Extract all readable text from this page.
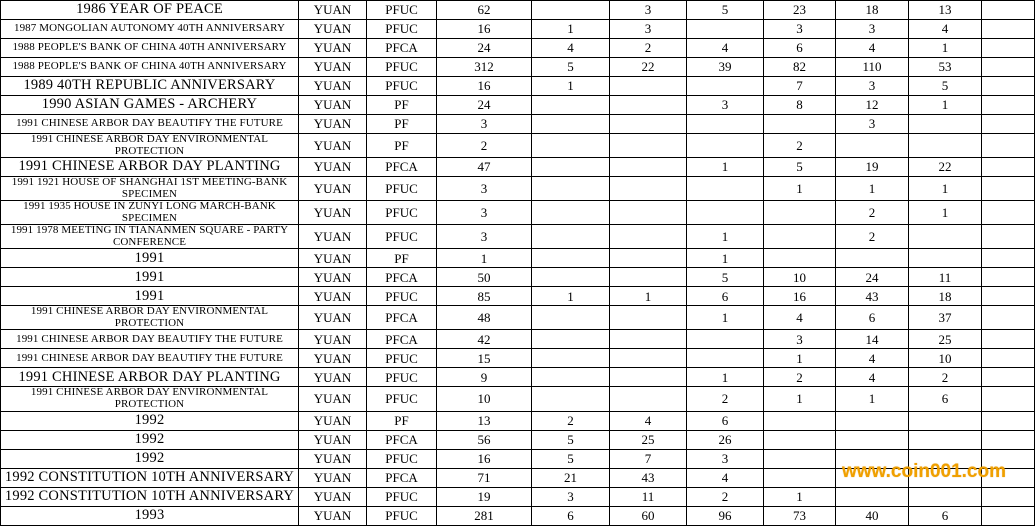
1986 YEAR OF PEACE	YUAN	PFUC	62		3	5	23	18	13	
1987 MONGOLIAN AUTONOMY 40TH ANNIVERSARY	YUAN	PFUC	16	1	3		3	3	4	
1988 PEOPLE'S BANK OF CHINA 40TH ANNIVERSARY	YUAN	PFCA	24	4	2	4	6	4	1	
1988 PEOPLE'S BANK OF CHINA 40TH ANNIVERSARY	YUAN	PFUC	312	5	22	39	82	110	53	
1989 40TH REPUBLIC ANNIVERSARY	YUAN	PFUC	16	1			7	3	5	
1990 ASIAN GAMES - ARCHERY	YUAN	PF	24			3	8	12	1	
1991 CHINESE ARBOR DAY BEAUTIFY THE FUTURE	YUAN	PF	3					3		
1991 CHINESE ARBOR DAY ENVIRONMENTAL PROTECTION	YUAN	PF	2				2			
1991 CHINESE ARBOR DAY PLANTING	YUAN	PFCA	47			1	5	19	22	
1991 1921 HOUSE OF SHANGHAI 1ST MEETING-BANK SPECIMEN	YUAN	PFUC	3				1	1	1	
1991 1935 HOUSE IN ZUNYI LONG MARCH-BANK SPECIMEN	YUAN	PFUC	3					2	1	
1991 1978 MEETING IN TIANANMEN SQUARE - PARTY CONFERENCE	YUAN	PFUC	3			1		2		
1991	YUAN	PF	1			1				
1991	YUAN	PFCA	50			5	10	24	11	
1991	YUAN	PFUC	85	1	1	6	16	43	18	
1991 CHINESE ARBOR DAY ENVIRONMENTAL PROTECTION	YUAN	PFCA	48			1	4	6	37	
1991 CHINESE ARBOR DAY BEAUTIFY THE FUTURE	YUAN	PFCA	42				3	14	25	
1991 CHINESE ARBOR DAY BEAUTIFY THE FUTURE	YUAN	PFUC	15				1	4	10	
1991 CHINESE ARBOR DAY PLANTING	YUAN	PFUC	9			1	2	4	2	
1991 CHINESE ARBOR DAY ENVIRONMENTAL PROTECTION	YUAN	PFUC	10			2	1	1	6	
1992	YUAN	PF	13	2	4	6				
1992	YUAN	PFCA	56	5	25	26				
1992	YUAN	PFUC	16	5	7	3				
1992 CONSTITUTION 10TH ANNIVERSARY	YUAN	PFCA	71	21	43	4				
1992 CONSTITUTION 10TH ANNIVERSARY	YUAN	PFUC	19	3	11	2	1			
1993	YUAN	PFUC	281	6	60	96	73	40	6	
www.coin001.com
